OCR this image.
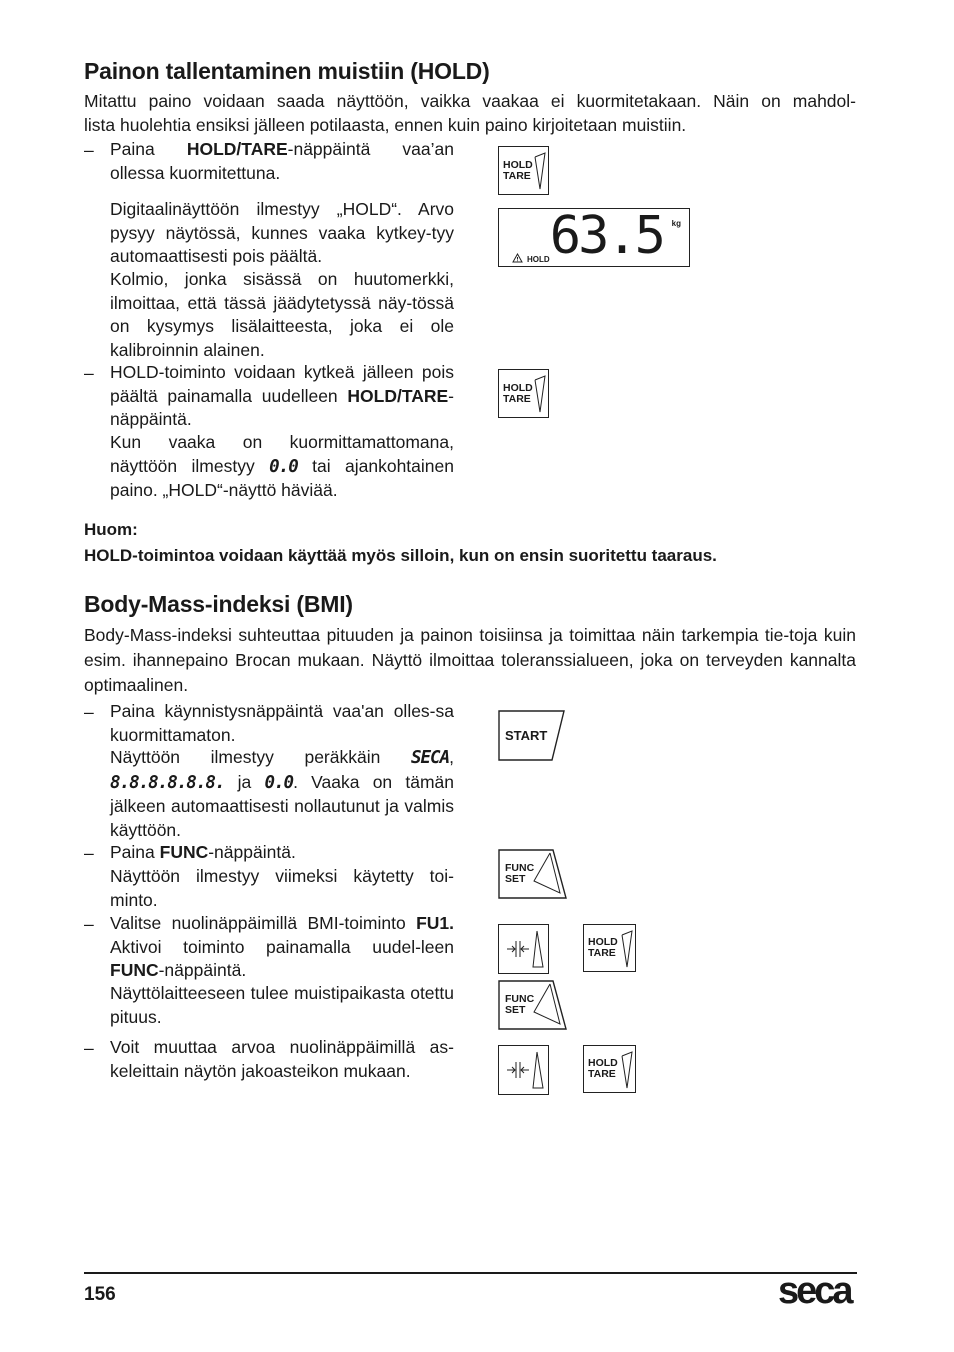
Painon tallentaminen muistiin (HOLD)
Mitattu paino voidaan saada näyttöön, vaikka vaakaa ei kuormitetakaan. Näin on mahdol-
lista huolehtia ensiksi jälleen potilaasta, ennen kuin paino kirjoitetaan muistiin.
– Paina HOLD/TARE-näppäintä vaa’an ollessa kuormitettuna.
Digitaalinäyttöön ilmestyy „HOLD“. Arvo pysyy näytössä, kunnes vaaka kytkey-tyy automaattisesti pois päältä.
Kolmio, jonka sisässä on huutomerkki, ilmoittaa, että tässä jäädytetyssä näy-tössä on kysymys lisälaitteesta, joka ei ole kalibroinnin alainen.
– HOLD-toiminto voidaan kytkeä jälleen pois päältä painamalla uudelleen HOLD/TARE-näppäintä.
Kun vaaka on kuormittamattomana, näyttöön ilmestyy 0.0 tai ajankohtainen paino. „HOLD“-näyttö häviää.
HOLD
TARE
63.5 kg
HOLD
HOLD
TARE
Huom:
HOLD-toimintoa voidaan käyttää myös silloin, kun on ensin suoritettu taaraus.
Body-Mass-indeksi (BMI)
Body-Mass-indeksi suhteuttaa pituuden ja painon toisiinsa ja toimittaa näin tarkempia tie-toja kuin esim. ihannepaino Brocan mukaan. Näyttö ilmoittaa toleranssialueen, joka on terveyden kannalta optimaalinen.
– Paina käynnistysnäppäintä vaa'an olles-sa kuormittamaton.
Näyttöön ilmestyy peräkkäin SECA, 8.8.8.8.8.8. ja 0.0. Vaaka on tämän jälkeen automaattisesti nollautunut ja valmis käyttöön.
– Paina FUNC-näppäintä.
Näyttöön ilmestyy viimeksi käytetty toi-minto.
– Valitse nuolinäppäimillä BMI-toiminto FU1. Aktivoi toiminto painamalla uudel-leen FUNC-näppäintä.
Näyttölaitteeseen tulee muistipaikasta otettu pituus.
– Voit muuttaa arvoa nuolinäppäimillä as-keleittain näytön jakoasteikon mukaan.
START
FUNC
SET
HOLD
TARE
FUNC
SET
HOLD
TARE
156	seca
